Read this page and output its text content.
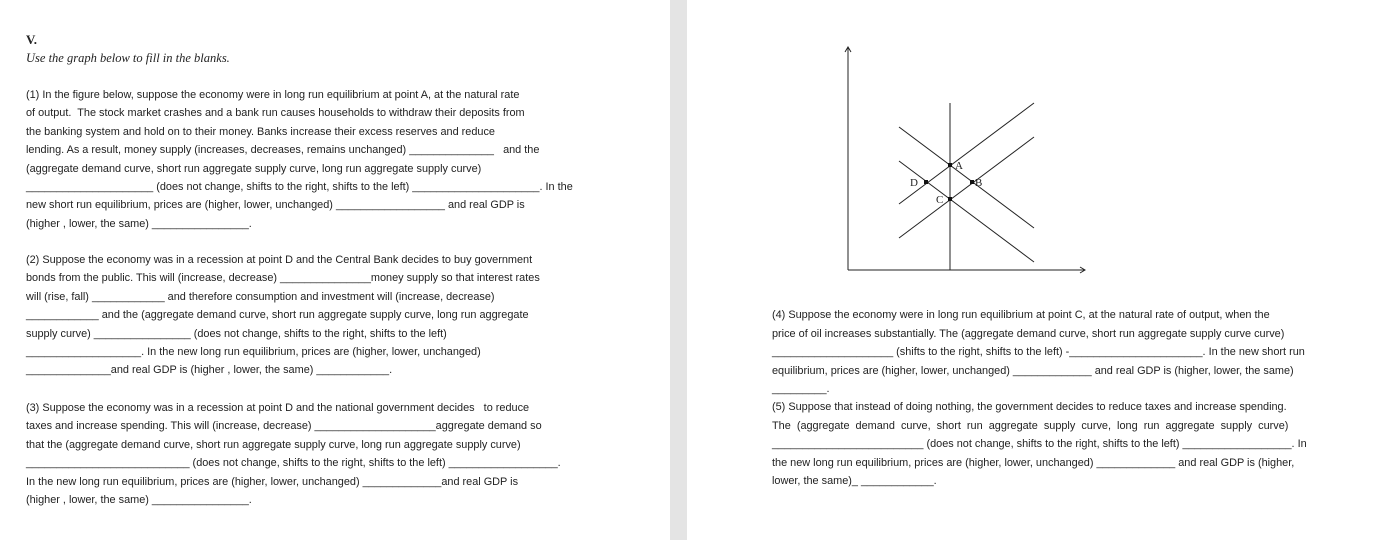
V.
Use the graph below to fill in the blanks.
(1) In the figure below, suppose the economy were in long run equilibrium at point A, at the natural rate
of output.  The stock market crashes and a bank run causes households to withdraw their deposits from
the banking system and hold on to their money. Banks increase their excess reserves and reduce
lending. As a result, money supply (increases, decreases, remains unchanged) ______________   and the
(aggregate demand curve, short run aggregate supply curve, long run aggregate supply curve)
_____________________ (does not change, shifts to the right, shifts to the left) _____________________. In the
new short run equilibrium, prices are (higher, lower, unchanged) __________________ and real GDP is
(higher , lower, the same) ________________.
(2) Suppose the economy was in a recession at point D and the Central Bank decides to buy government
bonds from the public. This will (increase, decrease) _______________money supply so that interest rates
will (rise, fall) ____________ and therefore consumption and investment will (increase, decrease)
____________ and the (aggregate demand curve, short run aggregate supply curve, long run aggregate
supply curve) ________________ (does not change, shifts to the right, shifts to the left)
___________________. In the new long run equilibrium, prices are (higher, lower, unchanged)
______________and real GDP is (higher , lower, the same) ____________.
(3) Suppose the economy was in a recession at point D and the national government decides   to reduce
taxes and increase spending. This will (increase, decrease) ____________________aggregate demand so
that the (aggregate demand curve, short run aggregate supply curve, long run aggregate supply curve)
___________________________ (does not change, shifts to the right, shifts to the left) __________________.
In the new long run equilibrium, prices are (higher, lower, unchanged) _____________and real GDP is
(higher , lower, the same) ________________.
(4) Suppose the economy were in long run equilibrium at point C, at the natural rate of output, when the
price of oil increases substantially. The (aggregate demand curve, short run aggregate supply curve curve)
____________________ (shifts to the right, shifts to the left) -______________________. In the new short run
equilibrium, prices are (higher, lower, unchanged) _____________ and real GDP is (higher, lower, the same)
_________.
(5) Suppose that instead of doing nothing, the government decides to reduce taxes and increase spending.
The  (aggregate  demand  curve,  short  run  aggregate  supply  curve,  long  run  aggregate  supply  curve)
_________________________ (does not change, shifts to the right, shifts to the left) __________________. In
the new long run equilibrium, prices are (higher, lower, unchanged) _____________ and real GDP is (higher,
lower, the same)_ ____________.
A
B
C
D
